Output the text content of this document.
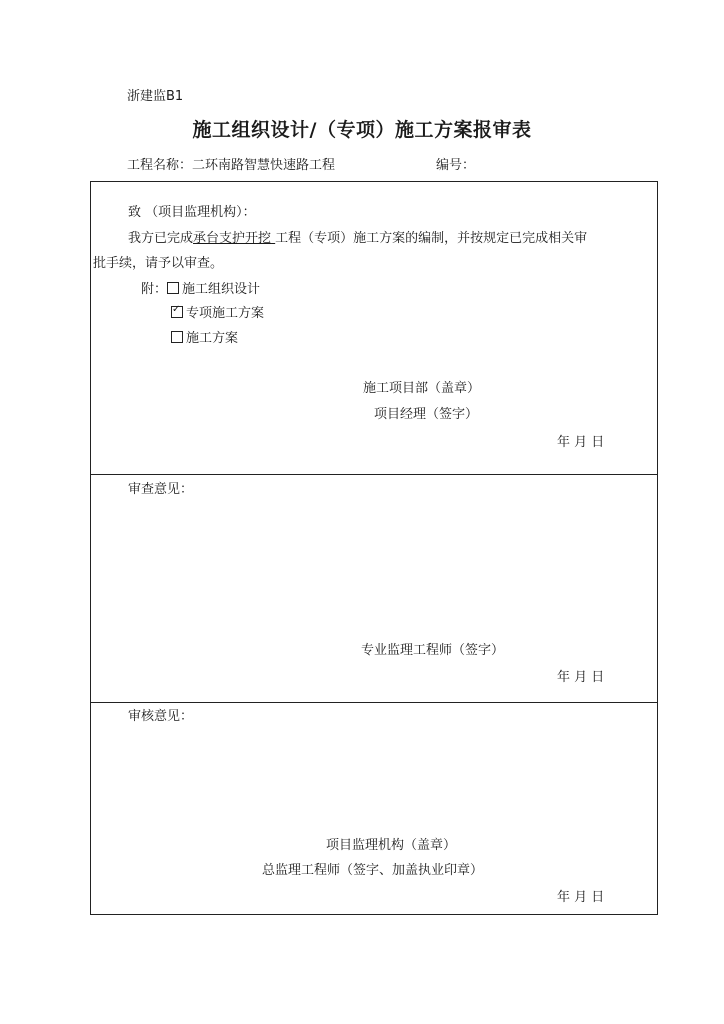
浙建监B1
施工组织设计/（专项）施工方案报审表
工程名称：二环南路智慧快速路工程	编号：
致 （项目监理机构）：
我方已完成承台支护开挖 工程（专项）施工方案的编制，并按规定已完成相关审
批手续，请予以审查。
附： 施工组织设计
✓专项施工方案
施工方案
施工项目部（盖章）
项目经理（签字）
年 月 日
审查意见：
专业监理工程师（签字）
年 月 日
审核意见：
项目监理机构（盖章）
总监理工程师（签字、加盖执业印章）
年 月 日
